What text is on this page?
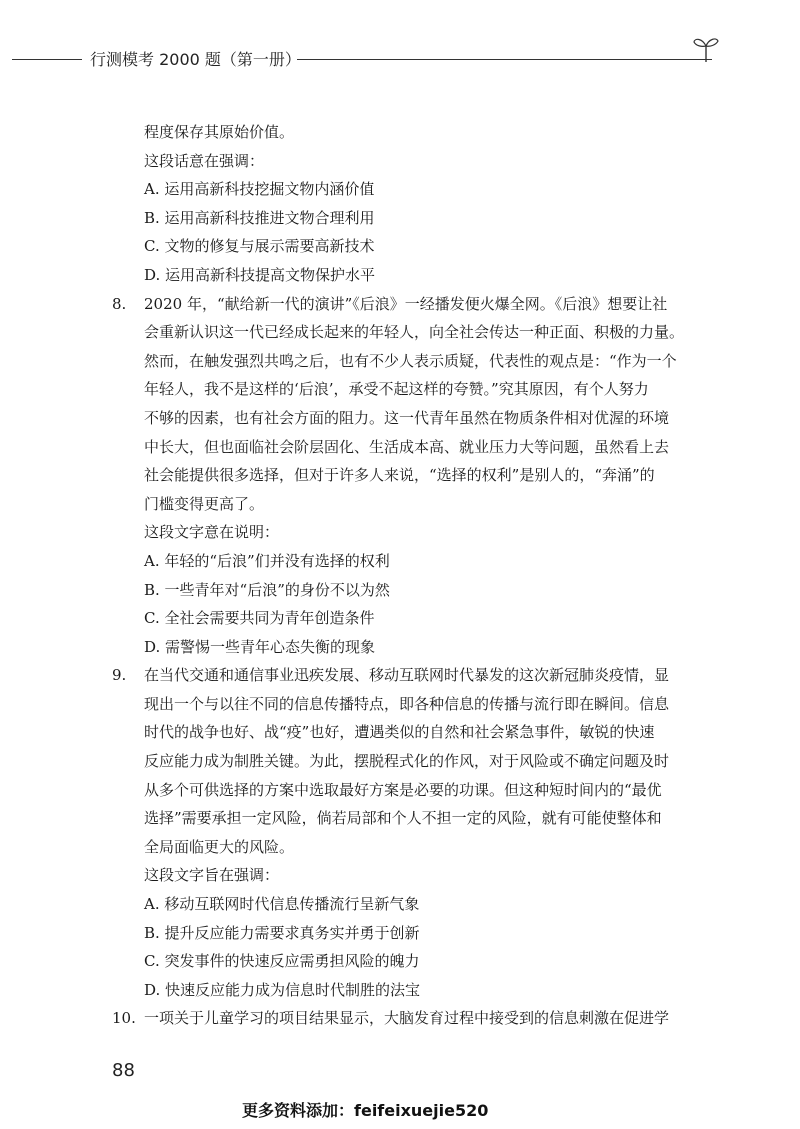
行测模考 2000 题（第一册）
程度保存其原始价值。
这段话意在强调：
A. 运用高新科技挖掘文物内涵价值
B. 运用高新科技推进文物合理利用
C. 文物的修复与展示需要高新技术
D. 运用高新科技提高文物保护水平
8.	2020 年，“献给新一代的演讲”《后浪》一经播发便火爆全网。《后浪》想要让社
会重新认识这一代已经成长起来的年轻人，向全社会传达一种正面、积极的力量。
然而，在触发强烈共鸣之后，也有不少人表示质疑，代表性的观点是：“作为一个
年轻人，我不是这样的‘后浪’，承受不起这样的夸赞。”究其原因，有个人努力
不够的因素，也有社会方面的阻力。这一代青年虽然在物质条件相对优渥的环境
中长大，但也面临社会阶层固化、生活成本高、就业压力大等问题，虽然看上去
社会能提供很多选择，但对于许多人来说，“选择的权利”是别人的，“奔涌”的
门槛变得更高了。
这段文字意在说明：
A. 年轻的“后浪”们并没有选择的权利
B. 一些青年对“后浪”的身份不以为然
C. 全社会需要共同为青年创造条件
D. 需警惕一些青年心态失衡的现象
9.	在当代交通和通信事业迅疾发展、移动互联网时代暴发的这次新冠肺炎疫情，显
现出一个与以往不同的信息传播特点，即各种信息的传播与流行即在瞬间。信息
时代的战争也好、战“疫”也好，遭遇类似的自然和社会紧急事件，敏锐的快速
反应能力成为制胜关键。为此，摆脱程式化的作风，对于风险或不确定问题及时
从多个可供选择的方案中选取最好方案是必要的功课。但这种短时间内的“最优
选择”需要承担一定风险，倘若局部和个人不担一定的风险，就有可能使整体和
全局面临更大的风险。
这段文字旨在强调：
A. 移动互联网时代信息传播流行呈新气象
B. 提升反应能力需要求真务实并勇于创新
C. 突发事件的快速反应需勇担风险的魄力
D. 快速反应能力成为信息时代制胜的法宝
10. 一项关于儿童学习的项目结果显示，大脑发育过程中接受到的信息刺激在促进学
88
更多资料添加：feifeixuejie520
